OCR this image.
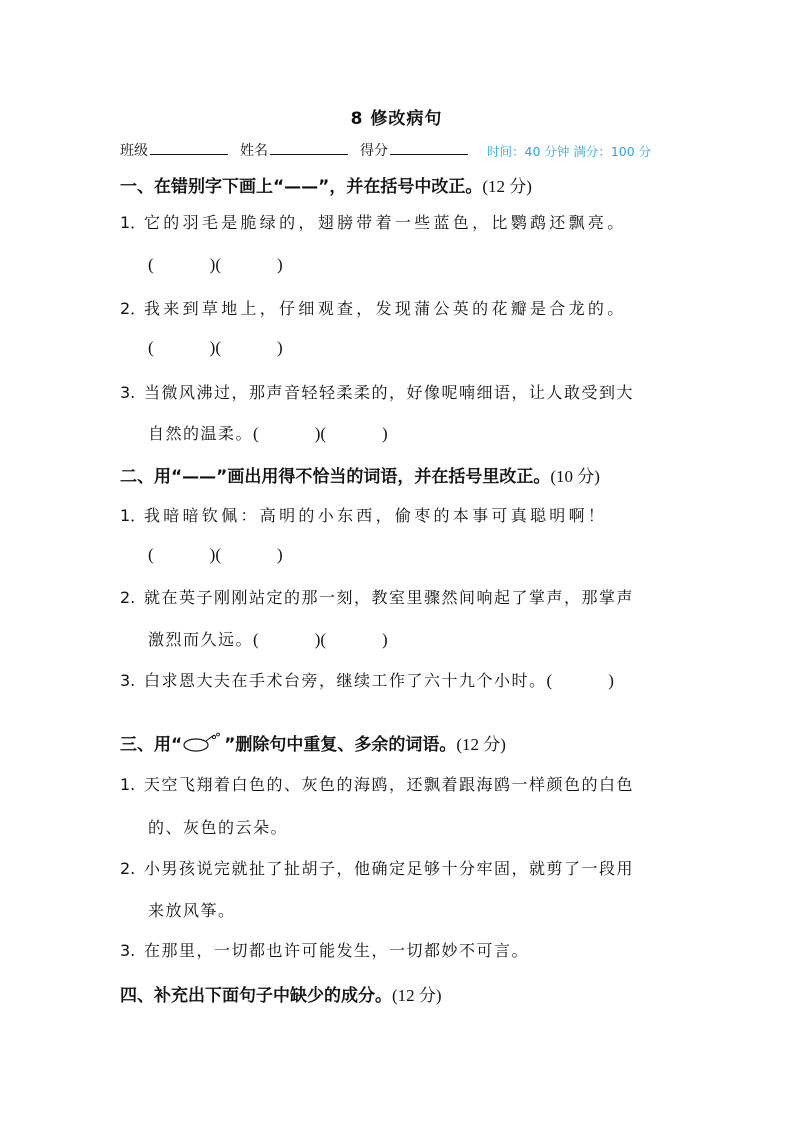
8 修改病句
班级	姓名	得分	时间：40 分钟 满分：100 分
一、在错别字下画上“——”，并在括号中改正。(12 分)
1．它的羽毛是脆绿的，翅膀带着一些蓝色，比鹦鹉还飘亮。
(	)(	)
2．我来到草地上，仔细观查，发现蒲公英的花瓣是合龙的。
(	)(	)
3. 当微风沸过，那声音轻轻柔柔的，好像呢喃细语，让人敢受到大
自然的温柔。(	)(	)
二、用“——”画出用得不恰当的词语，并在括号里改正。(10 分)
1．我暗暗钦佩：高明的小东西，偷枣的本事可真聪明啊！
(	)(	)
2. 就在英子刚刚站定的那一刻，教室里骤然间响起了掌声，那掌声
激烈而久远。(	)(	)
3. 白求恩大夫在手术台旁，继续工作了六十九个小时。(	)
三、用“ ”删除句中重复、多余的词语。(12 分)
1. 天空飞翔着白色的、灰色的海鸥，还飘着跟海鸥一样颜色的白色
的、灰色的云朵。
2. 小男孩说完就扯了扯胡子，他确定足够十分牢固，就剪了一段用
来放风筝。
3. 在那里，一切都也许可能发生，一切都妙不可言。
四、补充出下面句子中缺少的成分。(12 分)
